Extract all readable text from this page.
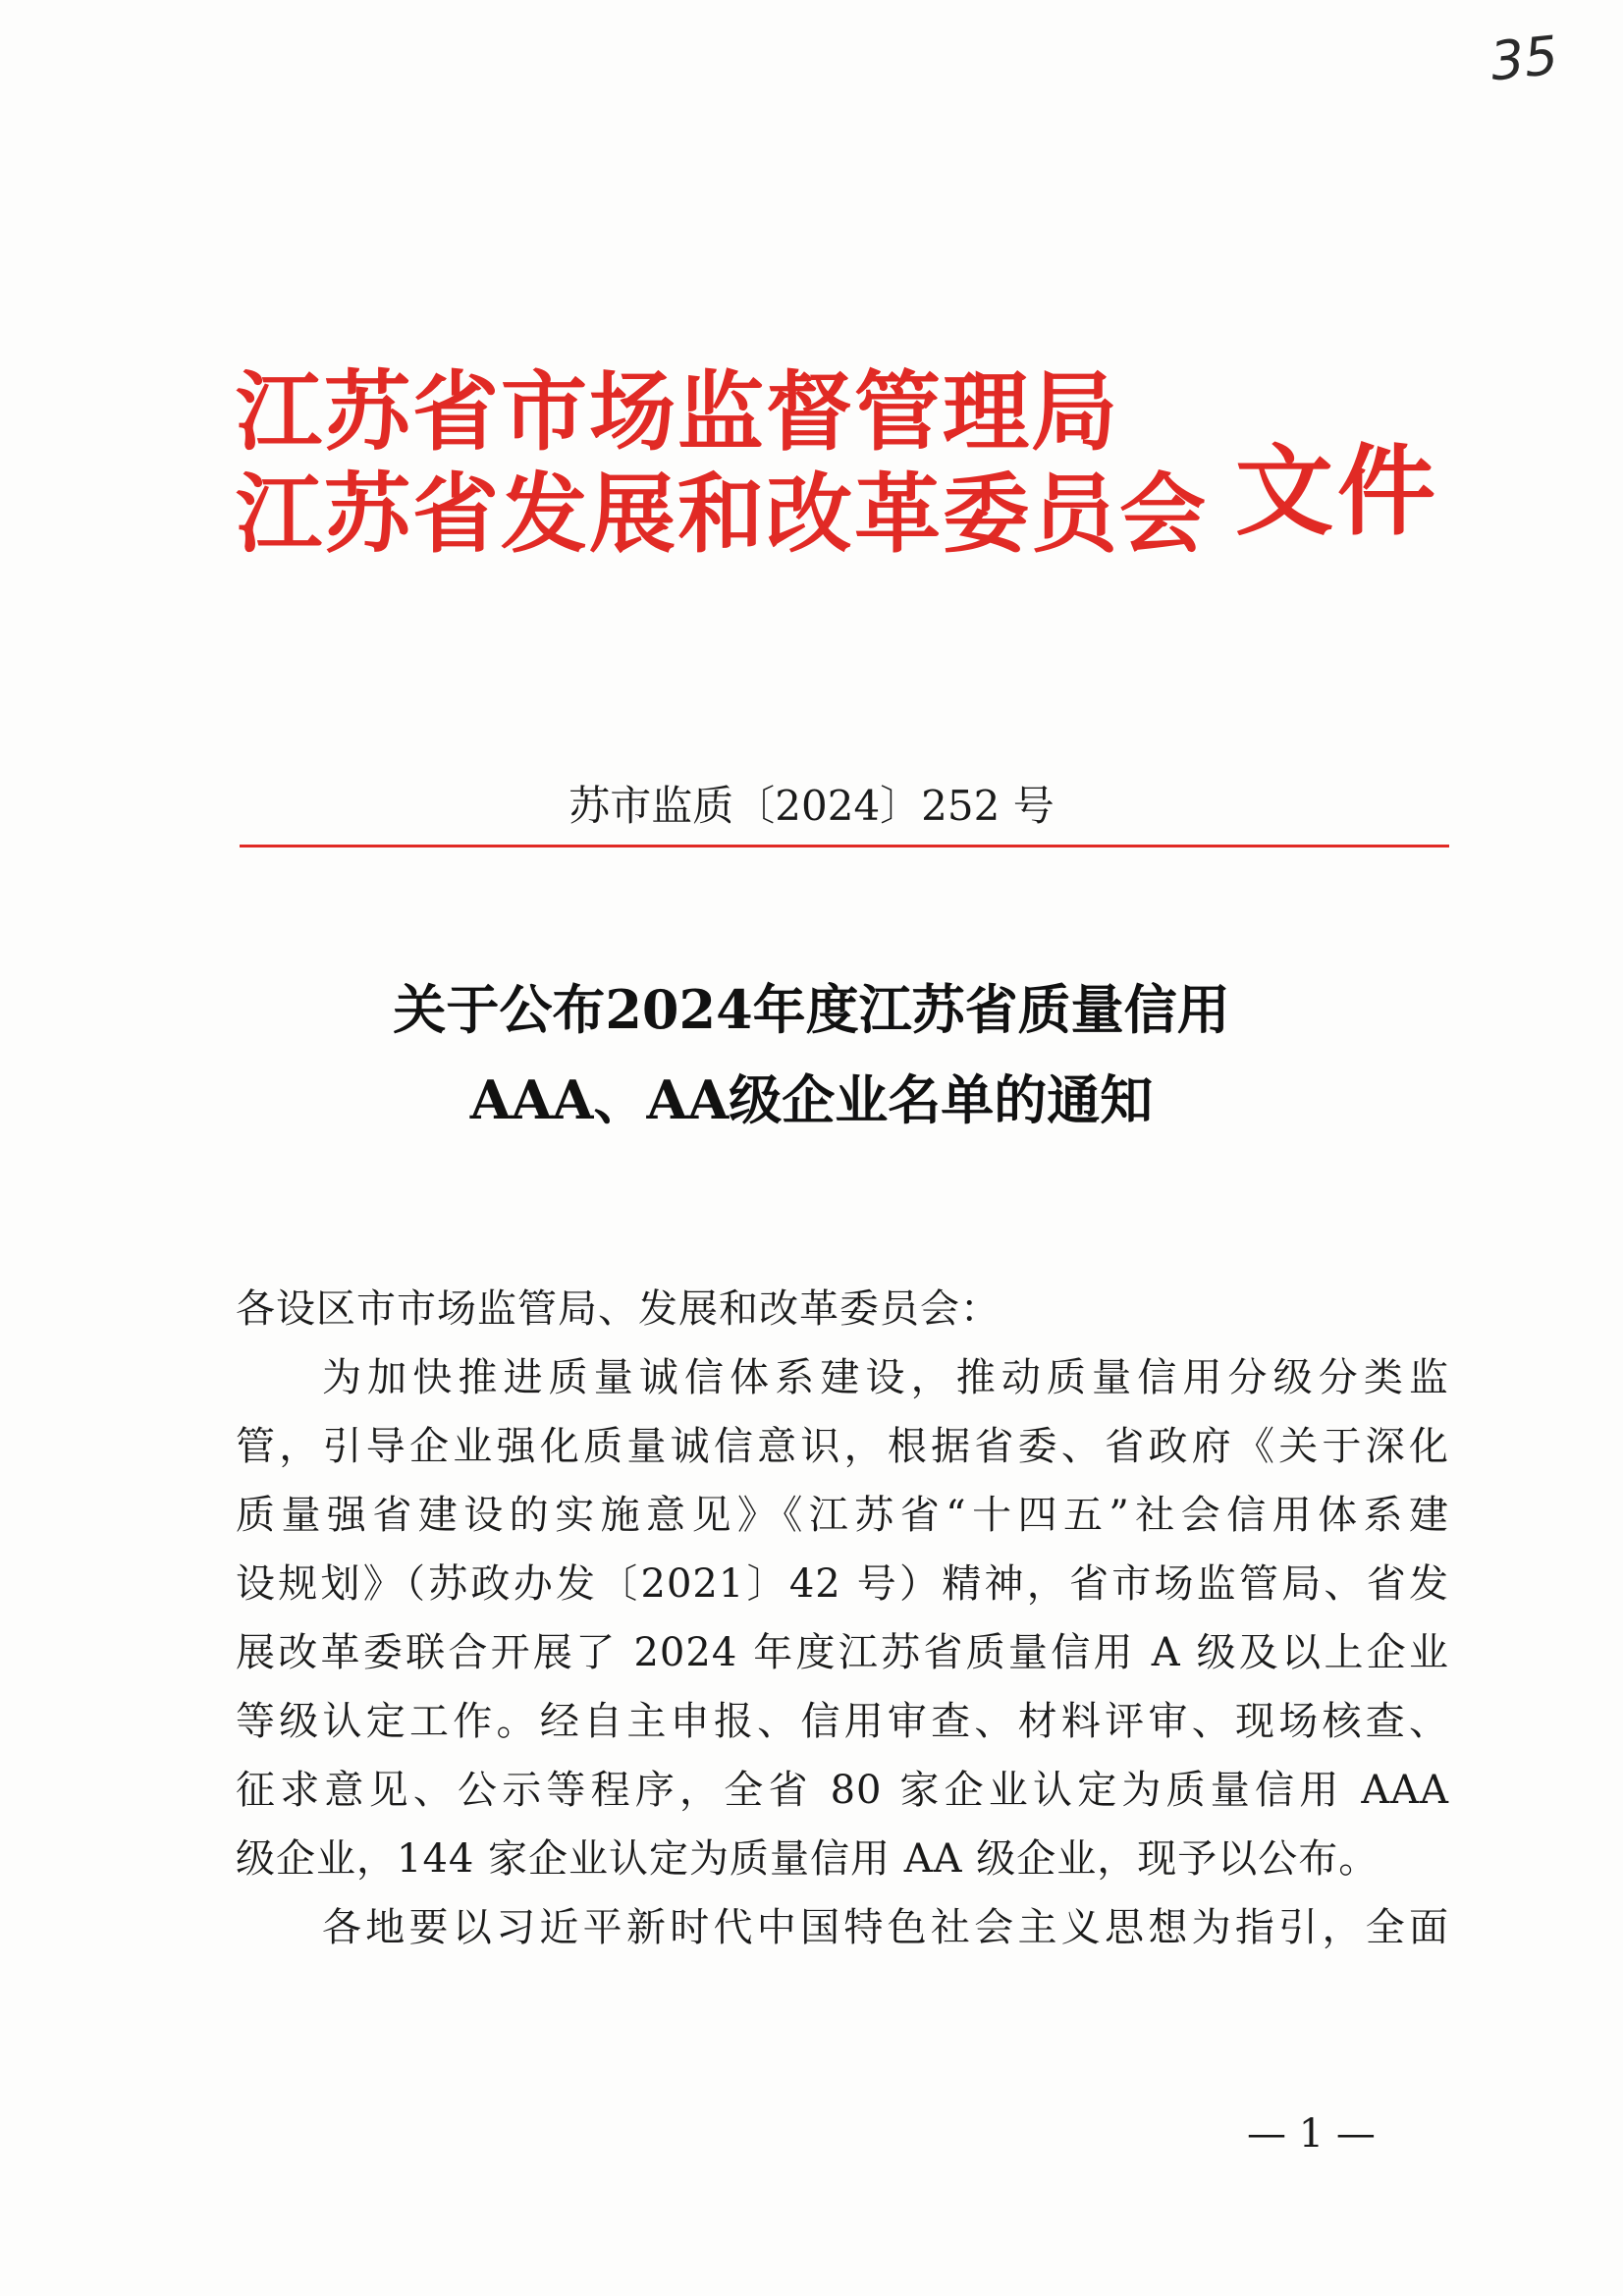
35
江苏省市场监督管理局
江苏省发展和改革委员会 文件
苏市监质〔2024〕252 号
关于公布2024年度江苏省质量信用
AAA、AA级企业名单的通知
各设区市市场监管局、发展和改革委员会：
为加快推进质量诚信体系建设，推动质量信用分级分类监
管，引导企业强化质量诚信意识，根据省委、省政府《关于深化
质量强省建设的实施意见》《江苏省“十四五”社会信用体系建
设规划》（苏政办发〔2021〕42 号）精神，省市场监管局、省发
展改革委联合开展了 2024 年度江苏省质量信用 A 级及以上企业
等级认定工作。经自主申报、信用审查、材料评审、现场核查、
征求意见、公示等程序，全省 80 家企业认定为质量信用 AAA
级企业，144 家企业认定为质量信用 AA 级企业，现予以公布。
各地要以习近平新时代中国特色社会主义思想为指引，全面
— 1 —
